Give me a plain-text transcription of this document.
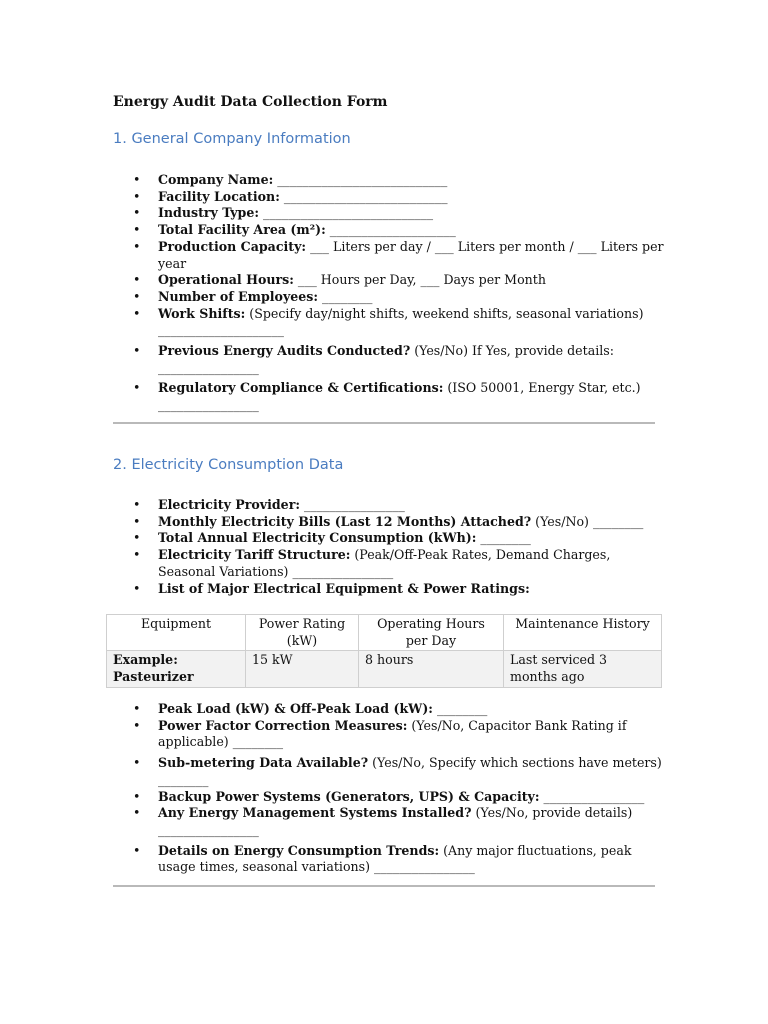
Energy Audit Data Collection Form
1. General Company Information
• Company Name: ___________________________
• Facility Location: __________________________
• Industry Type: ___________________________
• Total Facility Area (m²): ____________________
• Production Capacity: ___ Liters per day / ___ Liters per month / ___ Liters per year
• Operational Hours: ___ Hours per Day, ___ Days per Month
• Number of Employees: ________
• Work Shifts: (Specify day/night shifts, weekend shifts, seasonal variations) ____________________
• Previous Energy Audits Conducted? (Yes/No) If Yes, provide details: ________________
• Regulatory Compliance & Certifications: (ISO 50001, Energy Star, etc.) ________________
2. Electricity Consumption Data
• Electricity Provider: ________________
• Monthly Electricity Bills (Last 12 Months) Attached? (Yes/No) ________
• Total Annual Electricity Consumption (kWh): ________
• Electricity Tariff Structure: (Peak/Off-Peak Rates, Demand Charges, Seasonal Variations) ________________
• List of Major Electrical Equipment & Power Ratings:
Equipment	Power Rating (kW)	Operating Hours per Day	Maintenance History
Example: Pasteurizer	15 kW	8 hours	Last serviced 3 months ago
• Peak Load (kW) & Off-Peak Load (kW): ________
• Power Factor Correction Measures: (Yes/No, Capacitor Bank Rating if applicable) ________
• Sub-metering Data Available? (Yes/No, Specify which sections have meters) ________
• Backup Power Systems (Generators, UPS) & Capacity: ________________
• Any Energy Management Systems Installed? (Yes/No, provide details) ________________
• Details on Energy Consumption Trends: (Any major fluctuations, peak usage times, seasonal variations) ________________
